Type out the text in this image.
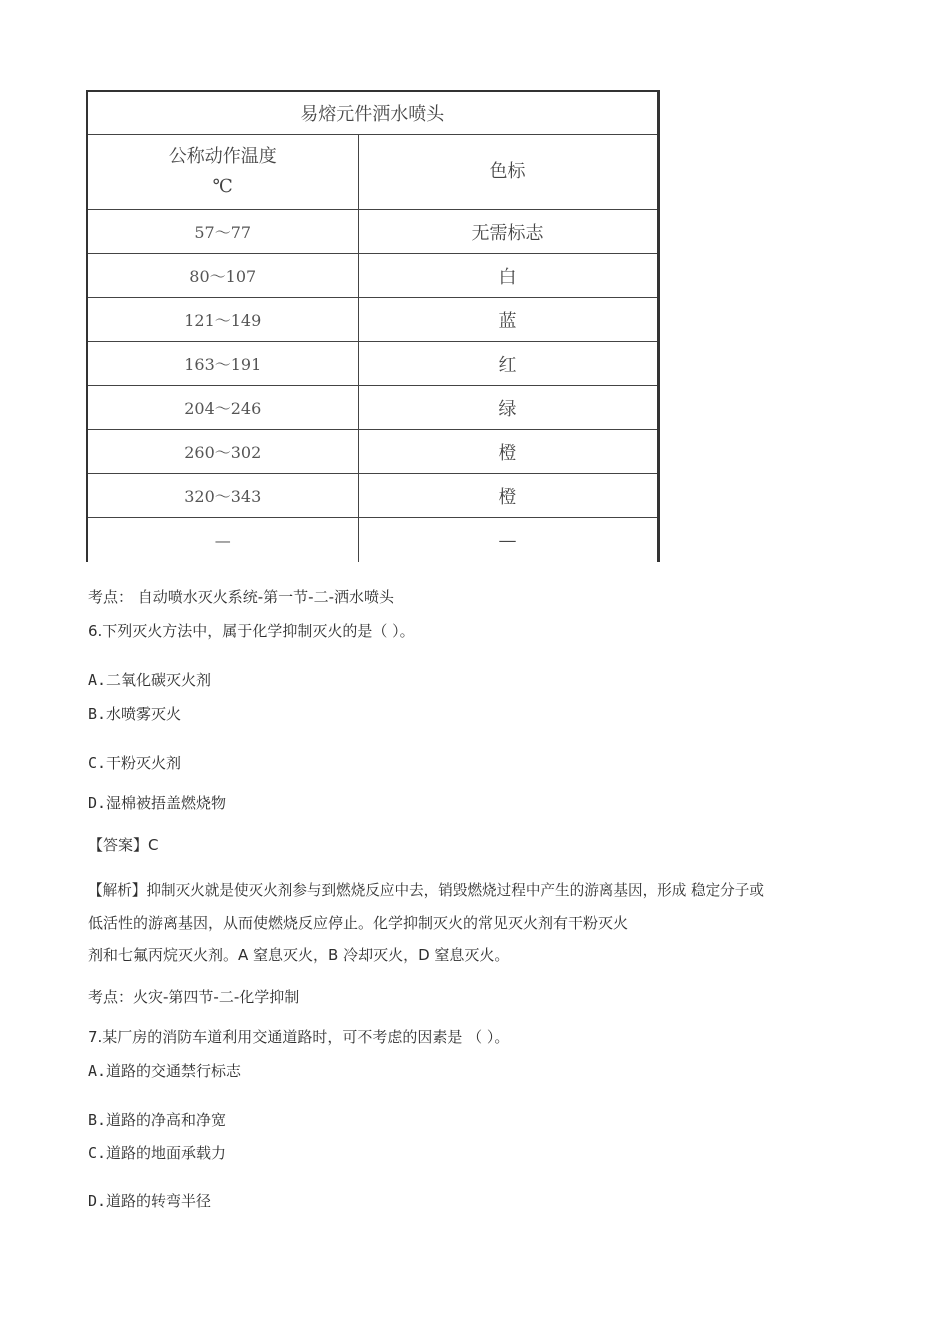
易熔元件洒水喷头	

公称动作温度
℃	色标
57～77	无需标志
80～107	白
121～149	蓝
163～191	红
204～246	绿
260～302	橙
320～343	橙
—	—
考点： 自动喷水灭火系统-第一节-二-洒水喷头
6.下列灭火方法中，属于化学抑制灭火的是（ ）。
A.二氧化碳灭火剂
B.水喷雾灭火
C.干粉灭火剂
D.湿棉被捂盖燃烧物
【答案】C
【解析】抑制灭火就是使灭火剂参与到燃烧反应中去，销毁燃烧过程中产生的游离基因，形成 稳定分子或
低活性的游离基因，从而使燃烧反应停止。化学抑制灭火的常见灭火剂有干粉灭火
剂和七氟丙烷灭火剂。A 窒息灭火，B 冷却灭火，D 窒息灭火。
考点：火灾-第四节-二-化学抑制
7.某厂房的消防车道利用交通道路时，可不考虑的因素是 （ ）。
A.道路的交通禁行标志
B.道路的净高和净宽
C.道路的地面承载力
D.道路的转弯半径
